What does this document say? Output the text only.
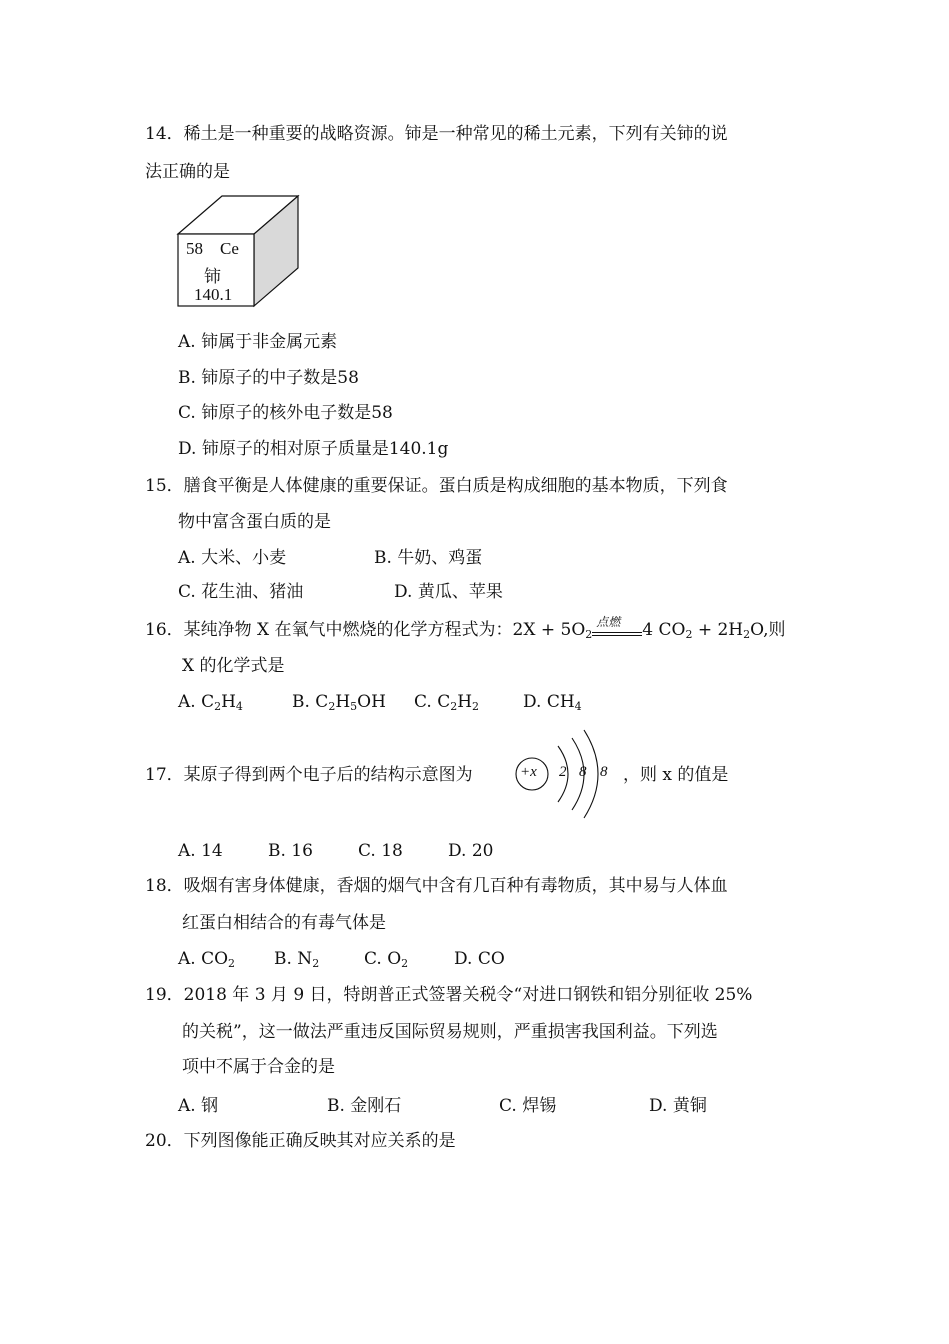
14．稀土是一种重要的战略资源。铈是一种常见的稀土元素，下列有关铈的说
法正确的是
58 Ce
铈
140.1
A. 铈属于非金属元素
B. 铈原子的中子数是58
C. 铈原子的核外电子数是58
D. 铈原子的相对原子质量是140.1g
15．膳食平衡是人体健康的重要保证。蛋白质是构成细胞的基本物质，下列食
物中富含蛋白质的是
A. 大米、小麦	B. 牛奶、鸡蛋
C. 花生油、猪油	D. 黄瓜、苹果
16．某纯净物 X 在氧气中燃烧的化学方程式为：$2X + 5O_2$
点燃 4 $CO_2 + 2H_2O$,则
X 的化学式是
A. $C_2H_4$	B. $C_2H_5OH$ C. $C_2H_2$	D. $CH_4$
17．某原子得到两个电子后的结构示意图为	+x 2 8 8 ，则 x 的值是
A. 14	B. 16	C. 18	D. 20
18．吸烟有害身体健康，香烟的烟气中含有几百种有毒物质，其中易与人体血
红蛋白相结合的有毒气体是
A. $CO_2$ B. $N_2$	C. $O_2$	D. CO
19．2018 年 3 月 9 日，特朗普正式签署关税令“对进口钢铁和铝分别征收 25%
的关税”，这一做法严重违反国际贸易规则，严重损害我国利益。下列选
项中不属于合金的是
A. 钢	B. 金刚石	C. 焊锡	D. 黄铜
20．下列图像能正确反映其对应关系的是
